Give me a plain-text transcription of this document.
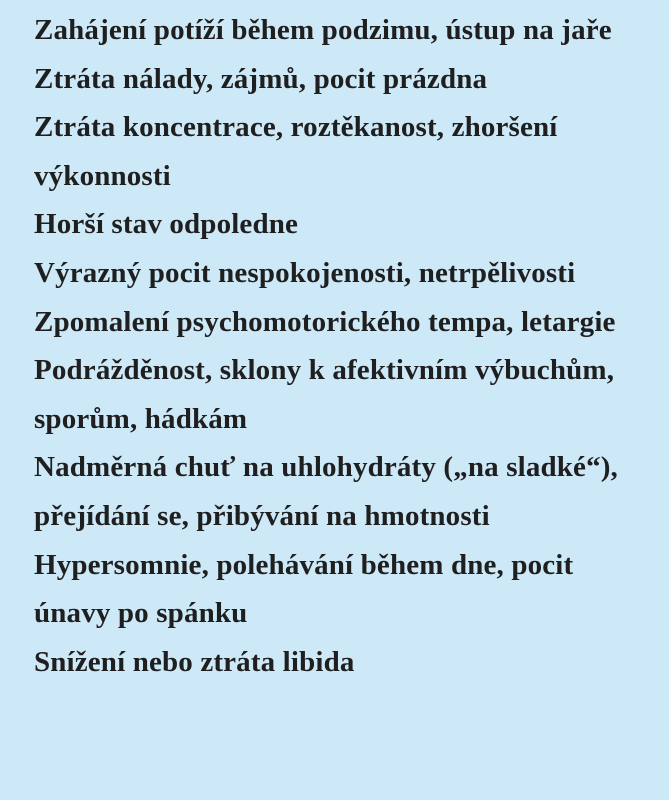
Zahájení potíží během podzimu, ústup na jaře
Ztráta nálady, zájmů, pocit prázdna
Ztráta koncentrace, roztěkanost, zhoršení výkonnosti
Horší stav odpoledne
Výrazný pocit nespokojenosti, netrpělivosti
Zpomalení psychomotorického tempa, letargie
Podrážděnost, sklony k afektivním výbuchům, sporům, hádkám
Nadměrná chuť na uhlohydráty („na sladké“), přejídání se, přibývání na hmotnosti
Hypersomnie, polehávání během dne, pocit únavy po spánku
Snížení nebo ztráta libida
